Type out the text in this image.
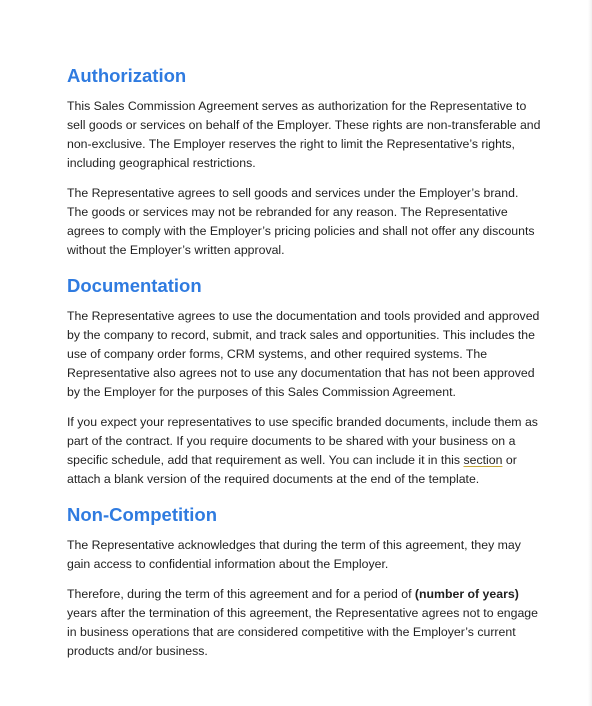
Authorization

This Sales Commission Agreement serves as authorization for the Representative to sell goods or services on behalf of the Employer. These rights are non-transferable and non-exclusive. The Employer reserves the right to limit the Representative’s rights, including geographical restrictions.

The Representative agrees to sell goods and services under the Employer’s brand. The goods or services may not be rebranded for any reason. The Representative agrees to comply with the Employer’s pricing policies and shall not offer any discounts without the Employer’s written approval.

Documentation

The Representative agrees to use the documentation and tools provided and approved by the company to record, submit, and track sales and opportunities. This includes the use of company order forms, CRM systems, and other required systems. The Representative also agrees not to use any documentation that has not been approved by the Employer for the purposes of this Sales Commission Agreement.

If you expect your representatives to use specific branded documents, include them as part of the contract. If you require documents to be shared with your business on a specific schedule, add that requirement as well. You can include it in this section or attach a blank version of the required documents at the end of the template.

Non-Competition

The Representative acknowledges that during the term of this agreement, they may gain access to confidential information about the Employer.

Therefore, during the term of this agreement and for a period of (number of years) years after the termination of this agreement, the Representative agrees not to engage in business operations that are considered competitive with the Employer’s current products and/or business.
